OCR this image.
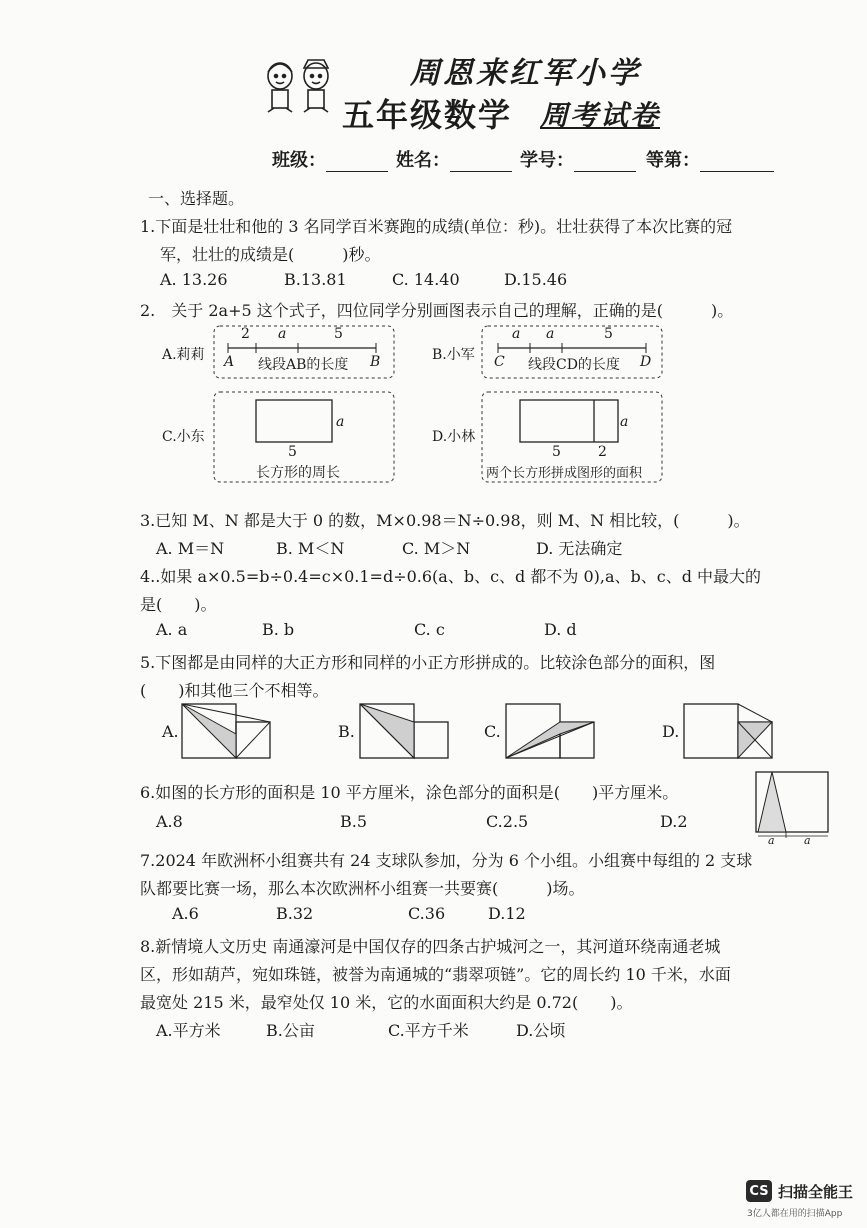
周恩来红军小学
五年级数学 周考试卷
班级：	姓名：	学号：	等第：
一、选择题。
1.下面是壮壮和他的 3 名同学百米赛跑的成绩(单位：秒)。壮壮获得了本次比赛的冠
军，壮壮的成绩是(　　　)秒。
A. 13.26	B.13.81	C. 14.40	D.15.46
2.　关于 2a+5 这个式子，四位同学分别画图表示自己的理解，正确的是(　　　)。
A.莉莉
2 a	5
A 线段AB的长度 B	B.小军
a a	5
C 线段CD的长度 D
C.小东
a
5
长方形的周长
D.小林
a
5	2
两个长方形拼成图形的面积
3.已知 M、N 都是大于 0 的数，M×0.98＝N÷0.98，则 M、N 相比较，(　　　)。
A. M＝N	B. M＜N	C. M＞N	D. 无法确定
4..如果 a×0.5=b÷0.4=c×0.1=d÷0.6(a、b、c、d 都不为 0),a、b、c、d 中最大的
是(　　)。
A. a	B. b	C. c	D. d
5.下图都是由同样的大正方形和同样的小正方形拼成的。比较涂色部分的面积，图
(　　)和其他三个不相等。
A.	B.	C.	D.
6.如图的长方形的面积是 10 平方厘米，涂色部分的面积是(　　)平方厘米。
A.8	B.5	C.2.5	D.2
a	a
7.2024 年欧洲杯小组赛共有 24 支球队参加，分为 6 个小组。小组赛中每组的 2 支球
队都要比赛一场，那么本次欧洲杯小组赛一共要赛(　　　)场。
A.6	B.32	C.36	D.12
8.新情境人文历史 南通濠河是中国仅存的四条古护城河之一，其河道环绕南通老城
区，形如葫芦，宛如珠链，被誉为南通城的“翡翠项链”。它的周长约 10 千米，水面
最宽处 215 米，最窄处仅 10 米，它的水面面积大约是 0.72(　　)。
A.平方米	B.公亩	C.平方千米	D.公顷
CS 扫描全能王
3亿人都在用的扫描App
